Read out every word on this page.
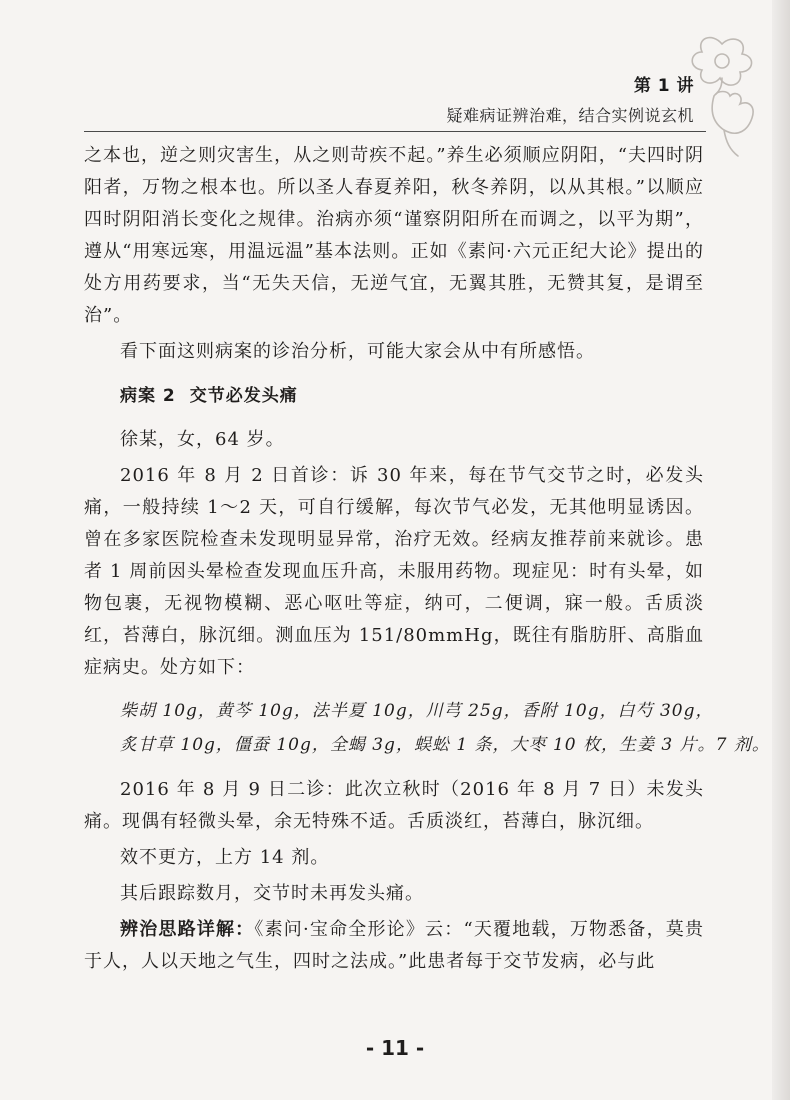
第 1 讲
疑难病证辨治难，结合实例说玄机

之本也，逆之则灾害生，从之则苛疾不起。”养生必须顺应阴阳，“夫四时阴阳者，万物之根本也。所以圣人春夏养阳，秋冬养阴，以从其根。”以顺应四时阴阳消长变化之规律。治病亦须“谨察阴阳所在而调之，以平为期”，遵从“用寒远寒，用温远温”基本法则。正如《素问·六元正纪大论》提出的处方用药要求，当“无失天信，无逆气宜，无翼其胜，无赞其复，是谓至治”。

看下面这则病案的诊治分析，可能大家会从中有所感悟。

病案 2 交节必发头痛

徐某，女，64 岁。

2016 年 8 月 2 日首诊：诉 30 年来，每在节气交节之时，必发头痛，一般持续 1～2 天，可自行缓解，每次节气必发，无其他明显诱因。曾在多家医院检查未发现明显异常，治疗无效。经病友推荐前来就诊。患者 1 周前因头晕检查发现血压升高，未服用药物。现症见：时有头晕，如物包裹，无视物模糊、恶心呕吐等症，纳可，二便调，寐一般。舌质淡红，苔薄白，脉沉细。测血压为 151/80mmHg，既往有脂肪肝、高脂血症病史。处方如下：

柴胡 10g，黄芩 10g，法半夏 10g，川芎 25g，香附 10g，白芍 30g，
炙甘草 10g，僵蚕 10g，全蝎 3g，蜈蚣 1 条，大枣 10 枚，生姜 3 片。7 剂。

2016 年 8 月 9 日二诊：此次立秋时（2016 年 8 月 7 日）未发头痛。现偶有轻微头晕，余无特殊不适。舌质淡红，苔薄白，脉沉细。

效不更方，上方 14 剂。

其后跟踪数月，交节时未再发头痛。

辨治思路详解：《素问·宝命全形论》云：“天覆地载，万物悉备，莫贵于人，人以天地之气生，四时之法成。”此患者每于交节发病，必与此

- 11 -
